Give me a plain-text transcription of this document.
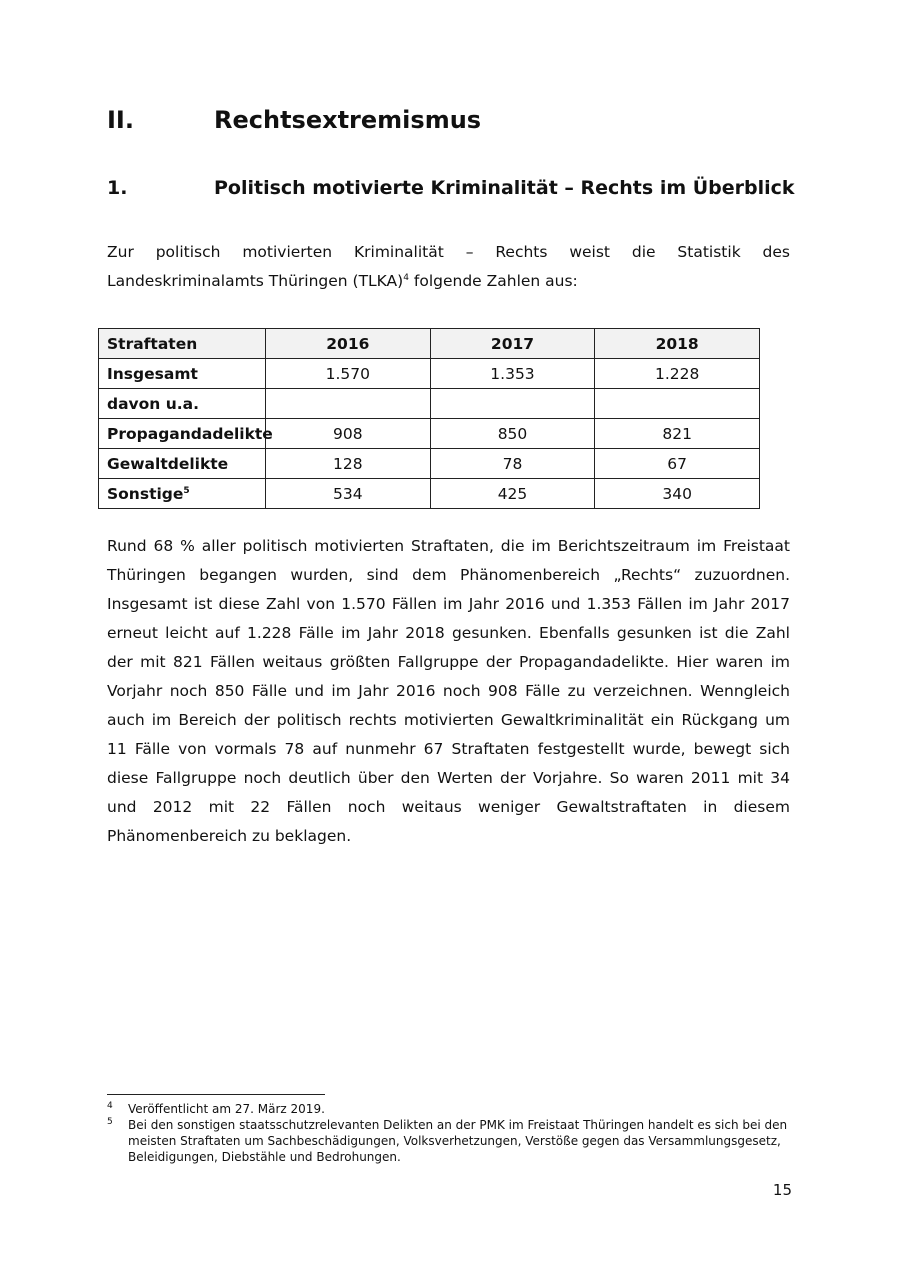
II.	Rechtsextremismus
1.	Politisch motivierte Kriminalität – Rechts im Überblick

Zur politisch motivierten Kriminalität – Rechts weist die Statistik des Landeskriminalamts Thüringen (TLKA)$^4$ folgende Zahlen aus:

Straftaten	2016	2017	2018
Insgesamt	1.570	1.353	1.228
davon u.a.			
Propagandadelikte	908	850	821
Gewaltdelikte	128	78	67
Sonstige$^5$	534	425	340

Rund 68 % aller politisch motivierten Straftaten, die im Berichtszeitraum im Freistaat Thüringen begangen wurden, sind dem Phänomenbereich „Rechts“ zuzuordnen. Insgesamt ist diese Zahl von 1.570 Fällen im Jahr 2016 und 1.353 Fällen im Jahr 2017 erneut leicht auf 1.228 Fälle im Jahr 2018 gesunken. Ebenfalls gesunken ist die Zahl der mit 821 Fällen weitaus größten Fallgruppe der Propagandadelikte. Hier waren im Vorjahr noch 850 Fälle und im Jahr 2016 noch 908 Fälle zu verzeichnen. Wenngleich auch im Bereich der politisch rechts motivierten Gewaltkriminalität ein Rückgang um 11 Fälle von vormals 78 auf nunmehr 67 Straftaten festgestellt wurde, bewegt sich diese Fallgruppe noch deutlich über den Werten der Vorjahre. So waren 2011 mit 34 und 2012 mit 22 Fällen noch weitaus weniger Gewaltstraftaten in diesem Phänomenbereich zu beklagen.

4 Veröffentlicht am 27. März 2019.
5 Bei den sonstigen staatsschutzrelevanten Delikten an der PMK im Freistaat Thüringen handelt es sich bei den meisten Straftaten um Sachbeschädigungen, Volksverhetzungen, Verstöße gegen das Versammlungsgesetz, Beleidigungen, Diebstähle und Bedrohungen.
15
